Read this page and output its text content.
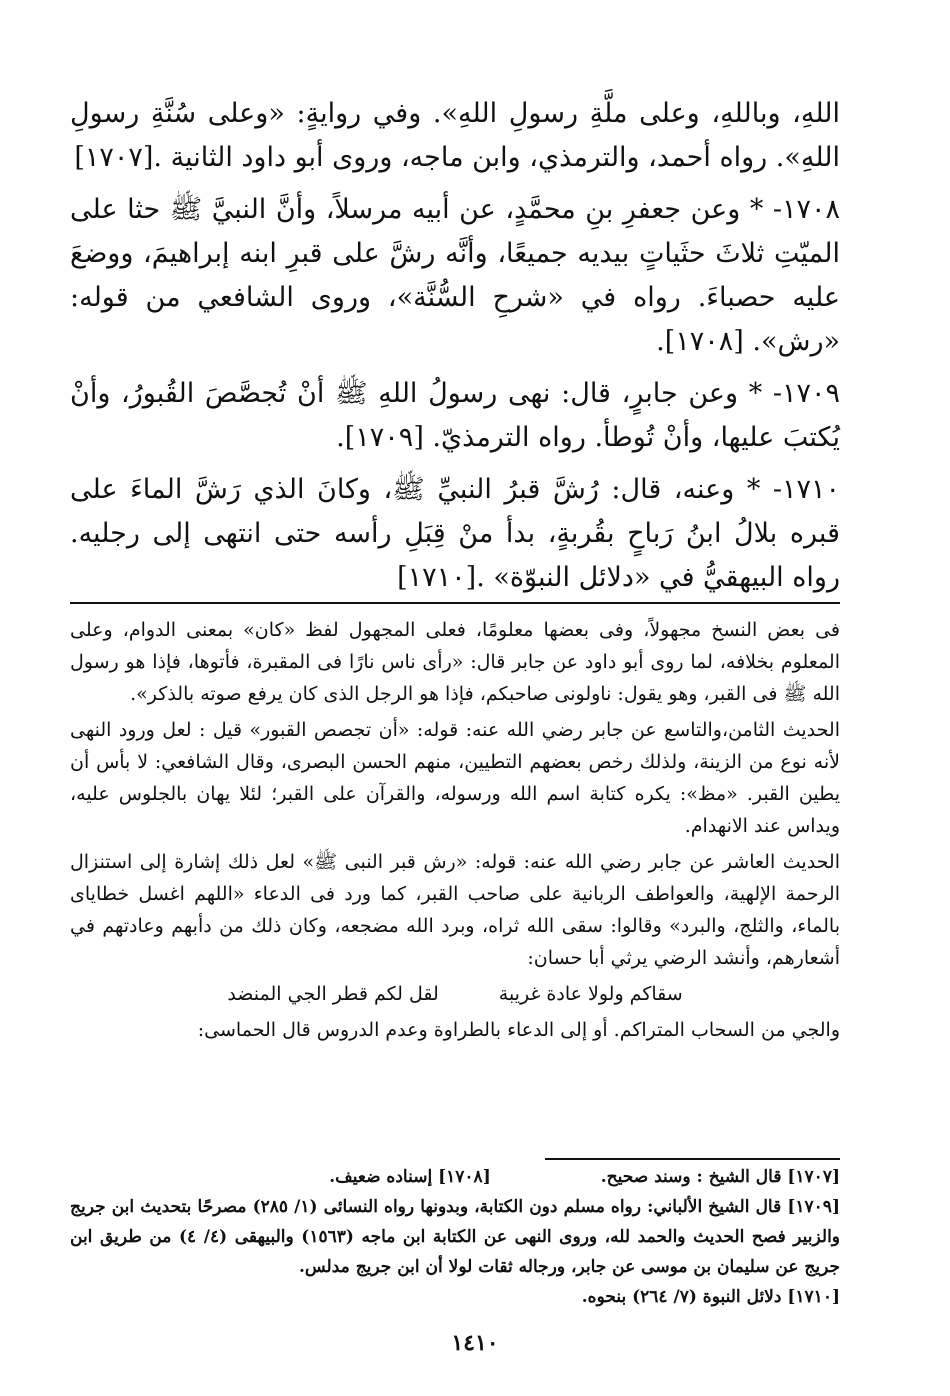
اللهِ، وباللهِ، وعلى ملَّةِ رسولِ اللهِ». وفي روايةٍ: «وعلى سُنَّةِ رسولِ اللهِ». رواه أحمد، والترمذي، وابن ماجه، وروى أبو داود الثانية .[١٧٠٧]

١٧٠٨- * وعن جعفرِ بنِ محمَّدٍ، عن أبيه مرسلاً، وأنَّ النبيَّ ﷺ حثا على الميّتِ ثلاثَ حثَياتٍ بيديه جميعًا، وأنَّه رشَّ على قبرِ ابنه إبراهيمَ، ووضعَ عليه حصباءَ. رواه في «شرحِ السُّنَّة»، وروى الشافعي من قوله: «رش». [١٧٠٨].

١٧٠٩- * وعن جابرٍ، قال: نهى رسولُ اللهِ ﷺ أنْ تُجصَّصَ القُبورُ، وأنْ يُكتبَ عليها، وأنْ تُوطأ. رواه الترمذيّ. [١٧٠٩].

١٧١٠- * وعنه، قال: رُشَّ قبرُ النبيِّ ﷺ، وكانَ الذي رَشَّ الماءَ على قبره بلالُ ابنُ رَباحٍ بقُربةٍ، بدأ منْ قِبَلِ رأسه حتى انتهى إلى رجليه. رواه البيهقيُّ في «دلائل النبوّة» .[١٧١٠]

فى بعض النسخ مجهولاً، وفى بعضها معلومًا، فعلى المجهول لفظ «كان» بمعنى الدوام، وعلى المعلوم بخلافه، لما روى أبو داود عن جابر قال: «رأى ناس نارًا فى المقبرة، فأتوها، فإذا هو رسول الله ﷺ فى القبر، وهو يقول: ناولونى صاحبكم، فإذا هو الرجل الذى كان يرفع صوته بالذكر».

الحديث الثامن،والتاسع عن جابر رضي الله عنه: قوله: «أن تجصص القبور» قيل : لعل ورود النهى لأنه نوع من الزينة، ولذلك رخص بعضهم التطيين، منهم الحسن البصرى، وقال الشافعي: لا بأس أن يطين القبر. «مظ»: يكره كتابة اسم الله ورسوله، والقرآن على القبر؛ لئلا يهان بالجلوس عليه، ويداس عند الانهدام.

الحديث العاشر عن جابر رضي الله عنه: قوله: «رش قبر النبى ﷺ» لعل ذلك إشارة إلى استنزال الرحمة الإلهية، والعواطف الربانية على صاحب القبر، كما ورد فى الدعاء «اللهم اغسل خطاياى بالماء، والثلج، والبرد» وقالوا: سقى الله ثراه، وبرد الله مضجعه، وكان ذلك من دأبهم وعادتهم في أشعارهم، وأنشد الرضي يرثي أبا حسان:

سقاكم ولولا عادة غريبة
لقل لكم قطر الجي المنضد

والجي من السحاب المتراكم. أو إلى الدعاء بالطراوة وعدم الدروس قال الحماسى:

[١٧٠٧] قال الشيخ : وسند صحيح.
[١٧٠٨] إسناده ضعيف.

[١٧٠٩] قال الشيخ الألباني: رواه مسلم دون الكتابة، وبدونها رواه النسائى (١/ ٢٨٥) مصرحًا بتحديث ابن جريج والزبير فصح الحديث والحمد لله، وروى النهى عن الكتابة ابن ماجه (١٥٦٣) والبيهقى (٤/ ٤) من طريق ابن جريج عن سليمان بن موسى عن جابر، ورجاله ثقات لولا أن ابن جريج مدلس.

[١٧١٠] دلائل النبوة (٧/ ٢٦٤) بنحوه.

١٤١٠
